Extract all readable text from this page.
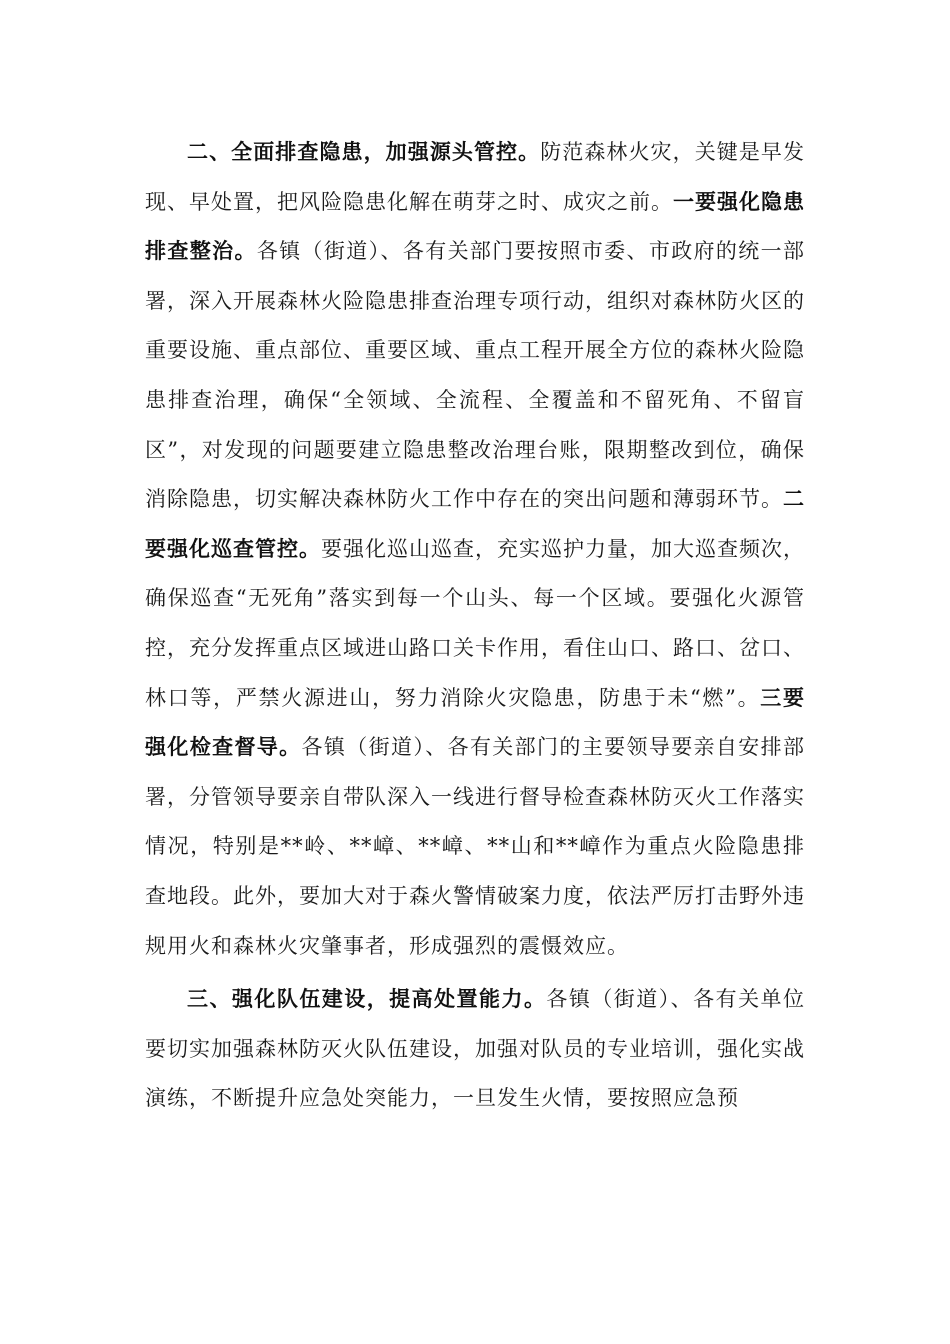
二、全面排查隐患，加强源头管控。防范森林火灾，关键是早发现、早处置，把风险隐患化解在萌芽之时、成灾之前。一要强化隐患排查整治。各镇（街道）、各有关部门要按照市委、市政府的统一部署，深入开展森林火险隐患排查治理专项行动，组织对森林防火区的重要设施、重点部位、重要区域、重点工程开展全方位的森林火险隐患排查治理，确保“全领域、全流程、全覆盖和不留死角、不留盲区”，对发现的问题要建立隐患整改治理台账，限期整改到位，确保消除隐患，切实解决森林防火工作中存在的突出问题和薄弱环节。二要强化巡查管控。要强化巡山巡查，充实巡护力量，加大巡查频次，确保巡查“无死角”落实到每一个山头、每一个区域。要强化火源管控，充分发挥重点区域进山路口关卡作用，看住山口、路口、岔口、林口等，严禁火源进山，努力消除火灾隐患，防患于未“燃”。三要强化检查督导。各镇（街道）、各有关部门的主要领导要亲自安排部署，分管领导要亲自带队深入一线进行督导检查森林防灭火工作落实情况，特别是**岭、**嶂、**嶂、**山和**嶂作为重点火险隐患排查地段。此外，要加大对于森火警情破案力度，依法严厉打击野外违规用火和森林火灾肇事者，形成强烈的震慑效应。

三、强化队伍建设，提高处置能力。各镇（街道）、各有关单位要切实加强森林防灭火队伍建设，加强对队员的专业培训，强化实战演练，不断提升应急处突能力，一旦发生火情，要按照应急预
